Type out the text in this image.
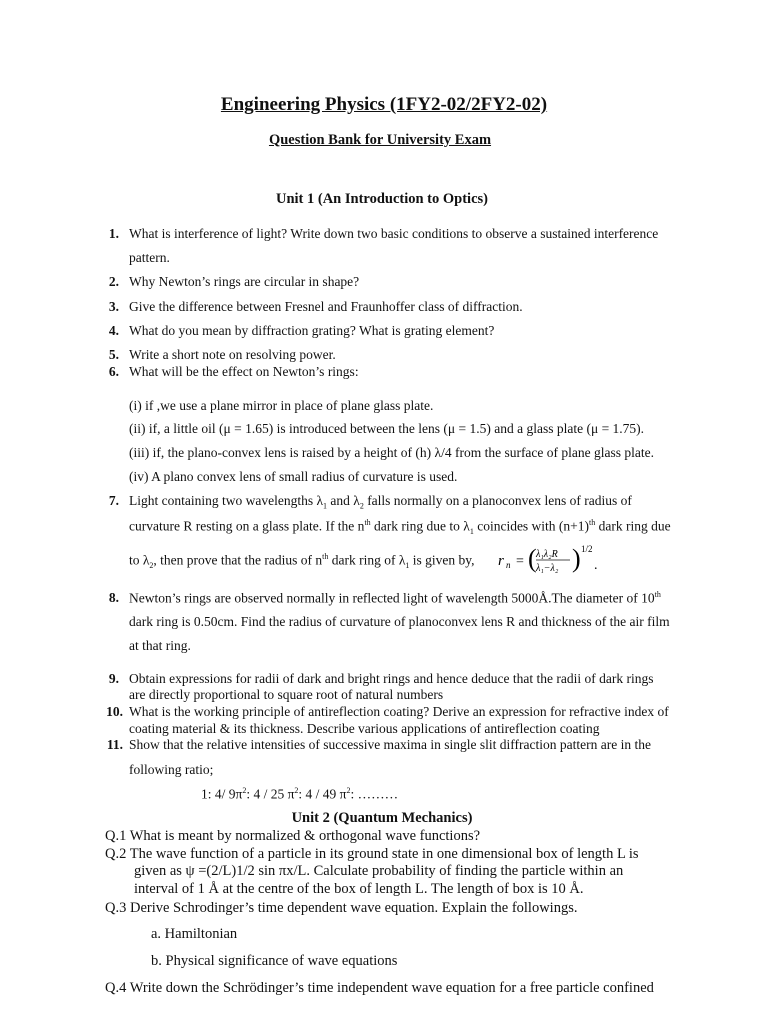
Engineering Physics (1FY2-02/2FY2-02)
Question Bank for University Exam
Unit 1 (An Introduction to Optics)
1. What is interference of light? Write down two basic conditions to observe a sustained interference
pattern.
2. Why Newton’s rings are circular in shape?
3. Give the difference between Fresnel and Fraunhoffer class of diffraction.
4. What do you mean by diffraction grating? What is grating element?
5. Write a short note on resolving power.
6. What will be the effect on Newton’s rings:
(i) if ,we use a plane mirror in place of plane glass plate.
(ii) if, a little oil (μ = 1.65) is introduced between the lens (μ = 1.5) and a glass plate (μ = 1.75).
(iii) if, the plano-convex lens is raised by a height of (h) λ/4 from the surface of plane glass plate.
(iv) A plano convex lens of small radius of curvature is used.
7. Light containing two wavelengths $\lambda_1$ and $\lambda_2$ falls normally on a planoconvex lens of radius of
curvature R resting on a glass plate. If the $n^{th}$ dark ring due to $\lambda_1$ coincides with $(n+1)^{th}$ dark ring due
to $\lambda_2$, then prove that the radius of $n^{th}$ dark ring of $\lambda_1$ is given by, r n = ( λ₁λ₂R
λ₁−λ₂ ) 1/2
.
8. Newton’s rings are observed normally in reflected light of wavelength 5000Å.The diameter of 10th
dark ring is 0.50cm. Find the radius of curvature of planoconvex lens R and thickness of the air film
at that ring.
9. Obtain expressions for radii of dark and bright rings and hence deduce that the radii of dark rings
are directly proportional to square root of natural numbers
10. What is the working principle of antireflection coating? Derive an expression for refractive index of
coating material & its thickness. Describe various applications of antireflection coating
11. Show that the relative intensities of successive maxima in single slit diffraction pattern are in the
following ratio;
1: 4/ $9\pi^2$: 4 / 25 $\pi^2$: 4 / 49 $\pi^2$: ………
Unit 2 (Quantum Mechanics)
Q.1 What is meant by normalized & orthogonal wave functions?
Q.2 The wave function of a particle in its ground state in one dimensional box of length L is
given as ψ =(2/L)1/2 sin πx/L. Calculate probability of finding the particle within an
interval of 1 Å at the centre of the box of length L. The length of box is 10 Å.
Q.3 Derive Schrodinger’s time dependent wave equation. Explain the followings.
a. Hamiltonian
b. Physical significance of wave equations
Q.4 Write down the Schrödinger’s time independent wave equation for a free particle confined
